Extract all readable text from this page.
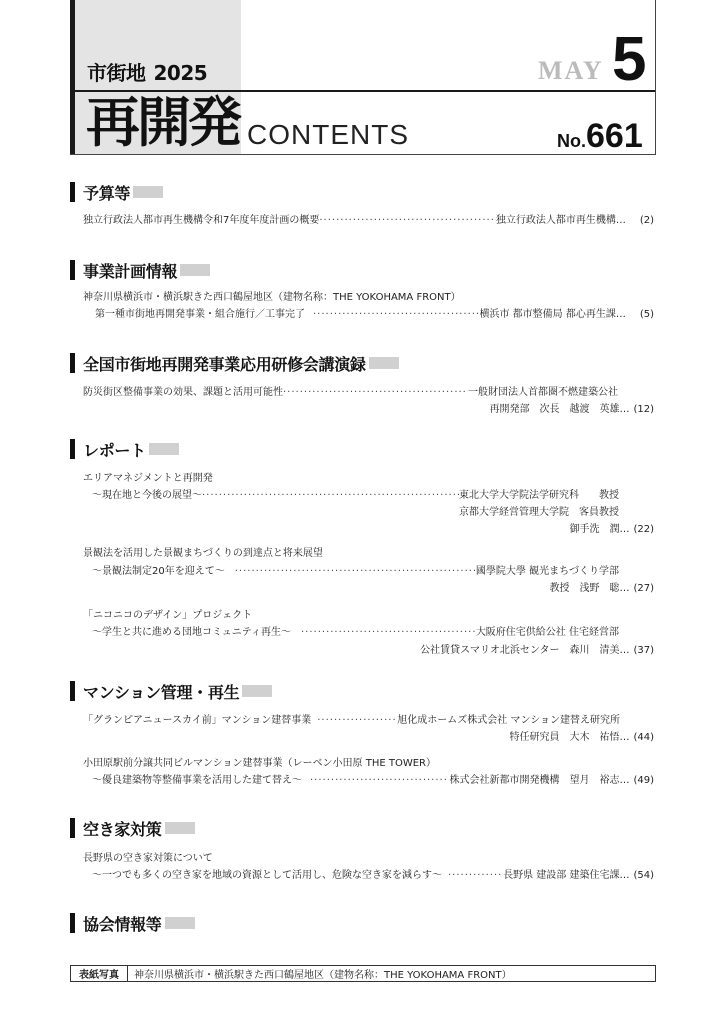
市街地 2025
再開発 CONTENTS
MAY 5
No.661
予算等
独立行政法人都市再生機構令和7年度年度計画の概要 ·····	独立行政法人都市再生機構… (2)
事業計画情報
神奈川県横浜市・横浜駅きた西口鶴屋地区（建物名称：THE YOKOHAMA FRONT）
第一種市街地再開発事業・組合施行／工事完了 ·····	横浜市 都市整備局 都心再生課… (5)
全国市街地再開発事業応用研修会講演録
防災街区整備事業の効果、課題と活用可能性 ·····	一般財団法人首都圏不燃建築公社
再開発部　次長　越渡　英雄… (12)
レポート
エリアマネジメントと再開発
～現在地と今後の展望～ ·····	東北大学大学院法学研究科　　教授
京都大学経営管理大学院　客員教授
御手洗　潤… (22)
景観法を活用した景観まちづくりの到達点と将来展望
～景観法制定20年を迎えて～ ·····	國學院大學 観光まちづくり学部
教授　浅野　聡… (27)
「ニコニコのデザイン」プロジェクト
～学生と共に進める団地コミュニティ再生～ ·····	大阪府住宅供給公社 住宅経営部
公社賃貸スマリオ北浜センター　森川　清美… (37)
マンション管理・再生
「グランピアニュースカイ前」マンション建替事業 ·····	旭化成ホームズ株式会社 マンション建替え研究所
特任研究員　大木　祐悟… (44)
小田原駅前分譲共同ビルマンション建替事業（レーベン小田原 THE TOWER）
～優良建築物等整備事業を活用した建て替え～ ·····	株式会社新都市開発機構　望月　裕志… (49)
空き家対策
長野県の空き家対策について
～一つでも多くの空き家を地域の資源として活用し、危険な空き家を減らす～ ·····	長野県 建設部 建築住宅課… (54)
協会情報等
表紙写真	神奈川県横浜市・横浜駅きた西口鶴屋地区（建物名称：THE YOKOHAMA FRONT）
